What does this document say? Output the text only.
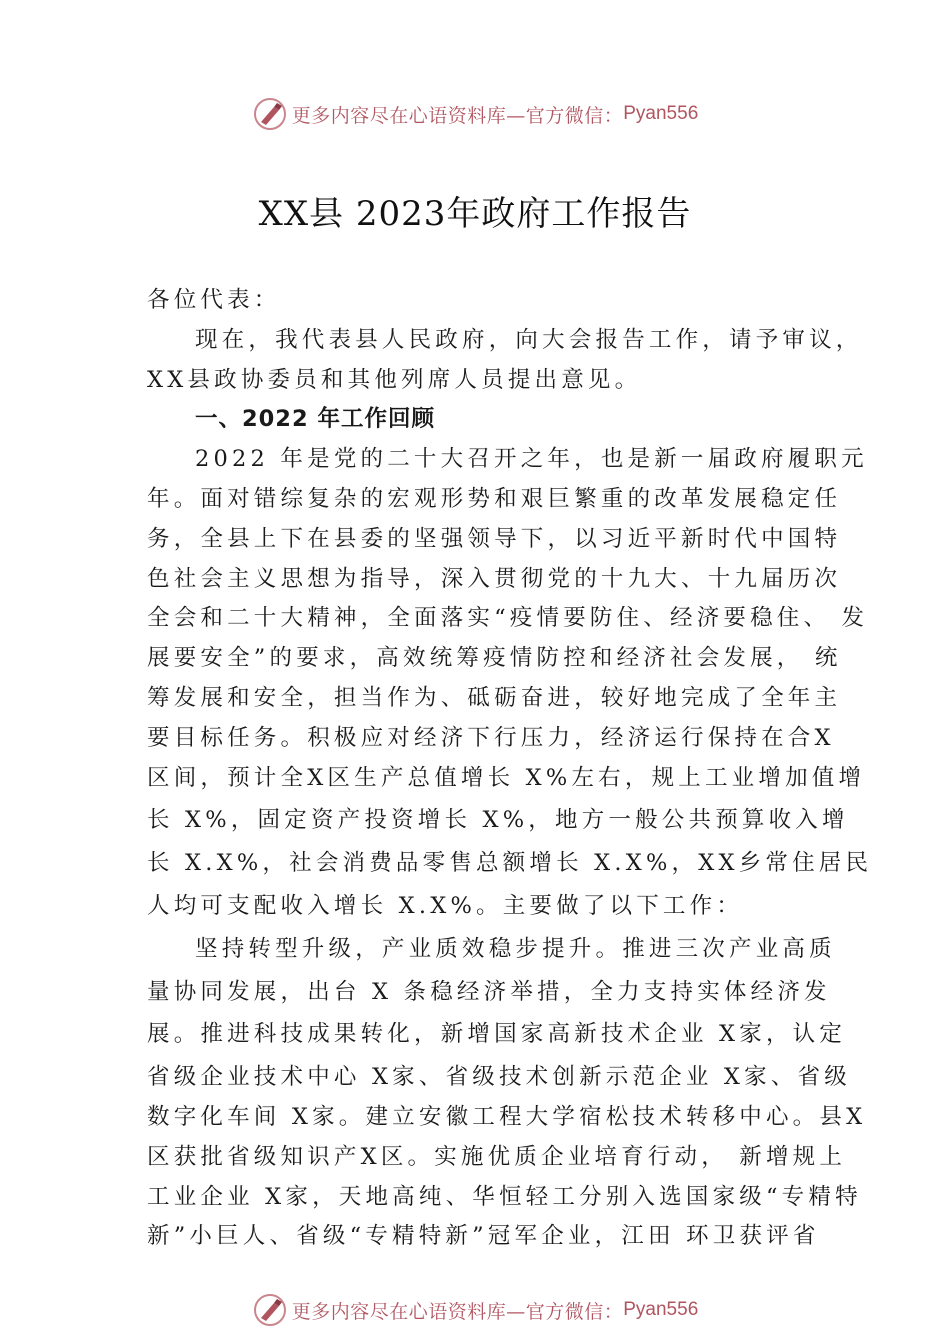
更多内容尽在心语资料库—官方微信： Pyan556
XX县 2023年政府工作报告
各位代表：
现在，我代表县人民政府，向大会报告工作，请予审议，
XX县政协委员和其他列席人员提出意见。
一、2022 年工作回顾
2022 年是党的二十大召开之年，也是新一届政府履职元
年。面对错综复杂的宏观形势和艰巨繁重的改革发展稳定任
务，全县上下在县委的坚强领导下，以习近平新时代中国特
色社会主义思想为指导，深入贯彻党的十九大、十九届历次
全会和二十大精神，全面落实“疫情要防住、经济要稳住、 发
展要安全”的要求，高效统筹疫情防控和经济社会发展， 统
筹发展和安全，担当作为、砥砺奋进，较好地完成了全年主
要目标任务。积极应对经济下行压力，经济运行保持在合X
区间，预计全X区生产总值增长 X%左右，规上工业增加值增
长 X%，固定资产投资增长 X%，地方一般公共预算收入增
长 X.X%，社会消费品零售总额增长 X.X%，XX乡常住居民
人均可支配收入增长 X.X%。主要做了以下工作：
坚持转型升级，产业质效稳步提升。推进三次产业高质
量协同发展，出台 X 条稳经济举措，全力支持实体经济发
展。推进科技成果转化，新增国家高新技术企业 X家，认定
省级企业技术中心 X家、省级技术创新示范企业 X家、省级
数字化车间 X家。建立安徽工程大学宿松技术转移中心。县X
区获批省级知识产X区。实施优质企业培育行动， 新增规上
工业企业 X家，天地高纯、华恒轻工分别入选国家级“专精特
新”小巨人、省级“专精特新”冠军企业，江田 环卫获评省
更多内容尽在心语资料库—官方微信： Pyan556
